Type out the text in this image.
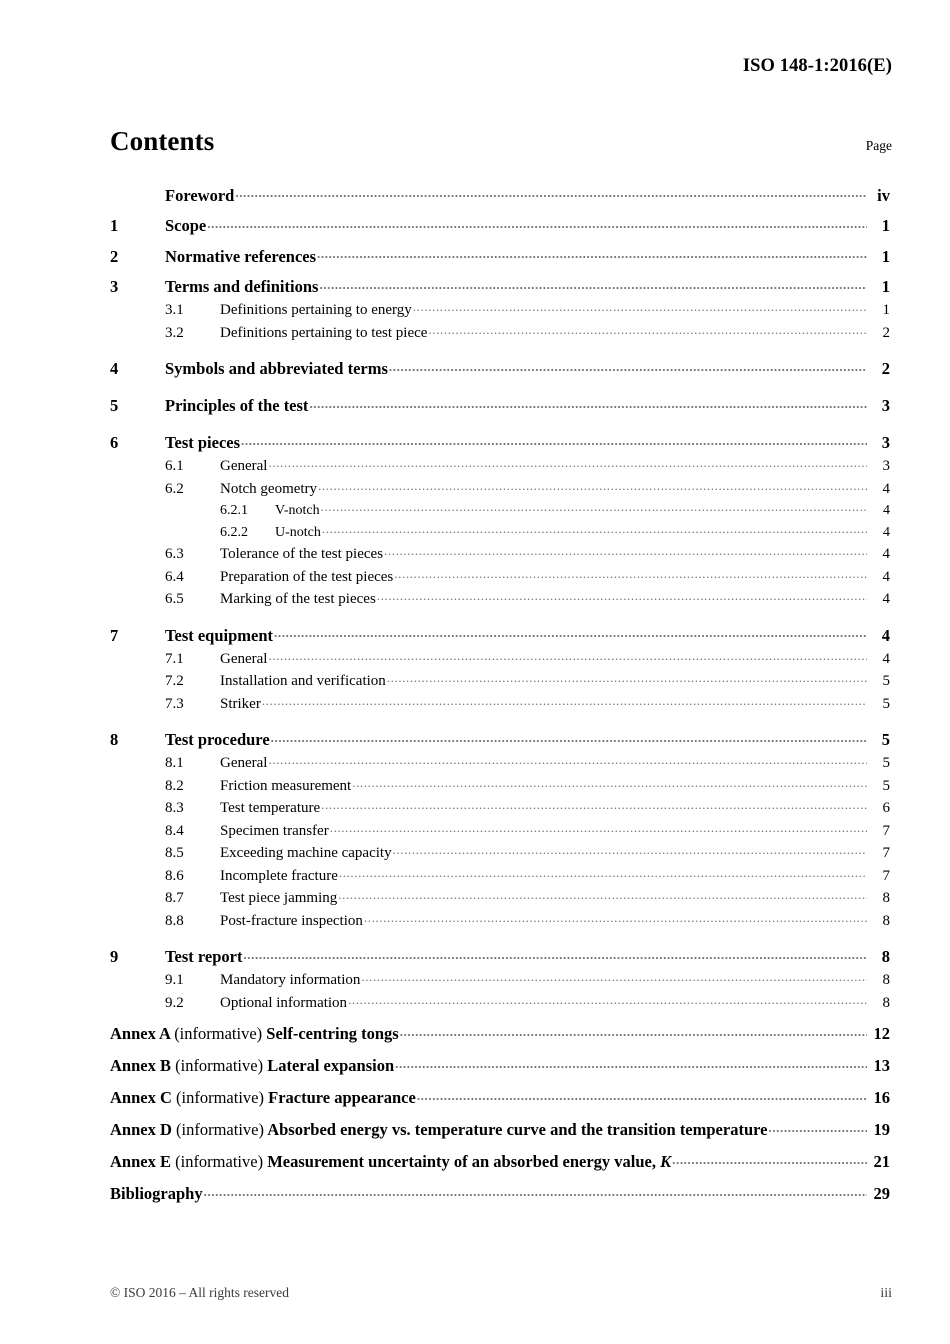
ISO 148-1:2016(E)
Contents	Page
Foreword .....	iv
1	Scope .....	1
2	Normative references .....	1
3	Terms and definitions .....	1
3.1	Definitions pertaining to energy .....	1
3.2	Definitions pertaining to test piece .....	2
4	Symbols and abbreviated terms .....	2
5	Principles of the test .....	3
6	Test pieces .....	3
6.1	General .....	3
6.2	Notch geometry .....	4
6.2.1	V-notch .....	4
6.2.2	U-notch .....	4
6.3	Tolerance of the test pieces .....	4
6.4	Preparation of the test pieces .....	4
6.5	Marking of the test pieces .....	4
7	Test equipment .....	4
7.1	General .....	4
7.2	Installation and verification .....	5
7.3	Striker .....	5
8	Test procedure .....	5
8.1	General .....	5
8.2	Friction measurement .....	5
8.3	Test temperature .....	6
8.4	Specimen transfer .....	7
8.5	Exceeding machine capacity .....	7
8.6	Incomplete fracture .....	7
8.7	Test piece jamming .....	8
8.8	Post-fracture inspection .....	8
9	Test report .....	8
9.1	Mandatory information .....	8
9.2	Optional information .....	8
Annex A (informative) Self-centring tongs .....	12
Annex B (informative) Lateral expansion .....	13
Annex C (informative) Fracture appearance .....	16
Annex D (informative) Absorbed energy vs. temperature curve and the transition temperature .....	19
Annex E (informative) Measurement uncertainty of an absorbed energy value, K .....	21
Bibliography .....	29
© ISO 2016 – All rights reserved	iii
